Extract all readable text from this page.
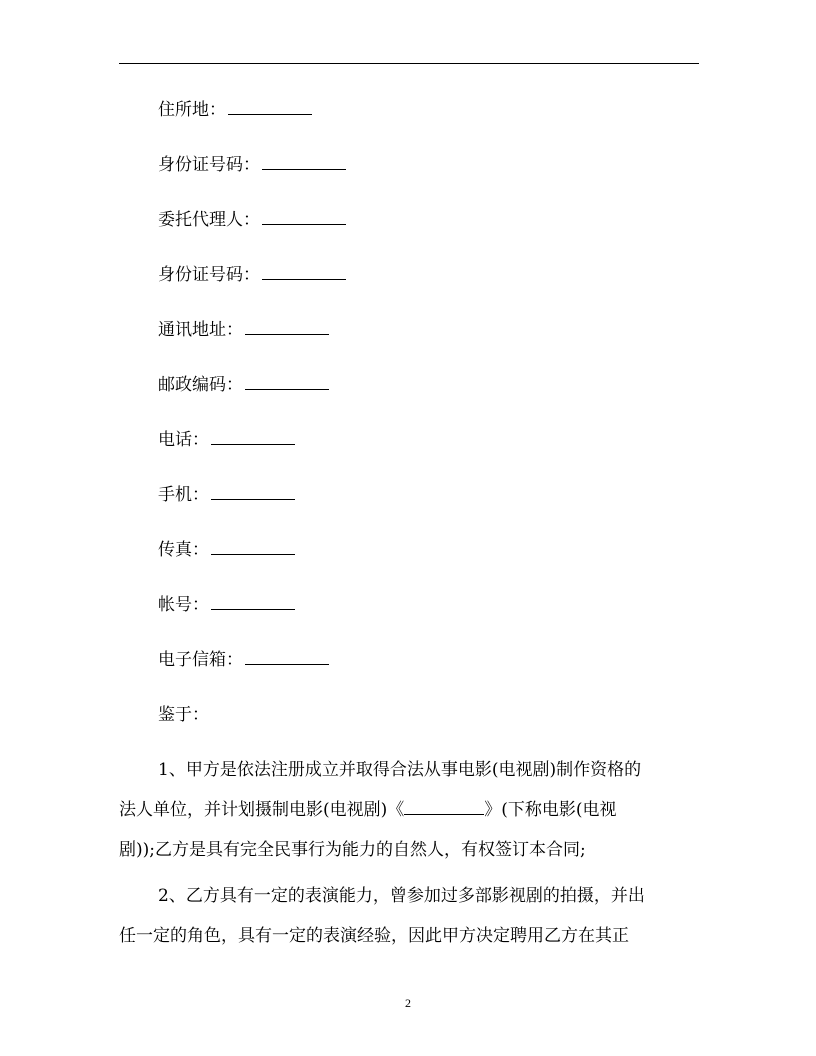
住所地：
身份证号码：
委托代理人：
身份证号码：
通讯地址：
邮政编码：
电话：
手机：
传真：
帐号：
电子信箱：
鉴于：
1、甲方是依法注册成立并取得合法从事电影(电视剧)制作资格的
法人单位，并计划摄制电影(电视剧)《	》(下称电影(电视
剧));乙方是具有完全民事行为能力的自然人，有权签订本合同;
2、乙方具有一定的表演能力，曾参加过多部影视剧的拍摄，并出
任一定的角色，具有一定的表演经验，因此甲方决定聘用乙方在其正
2
